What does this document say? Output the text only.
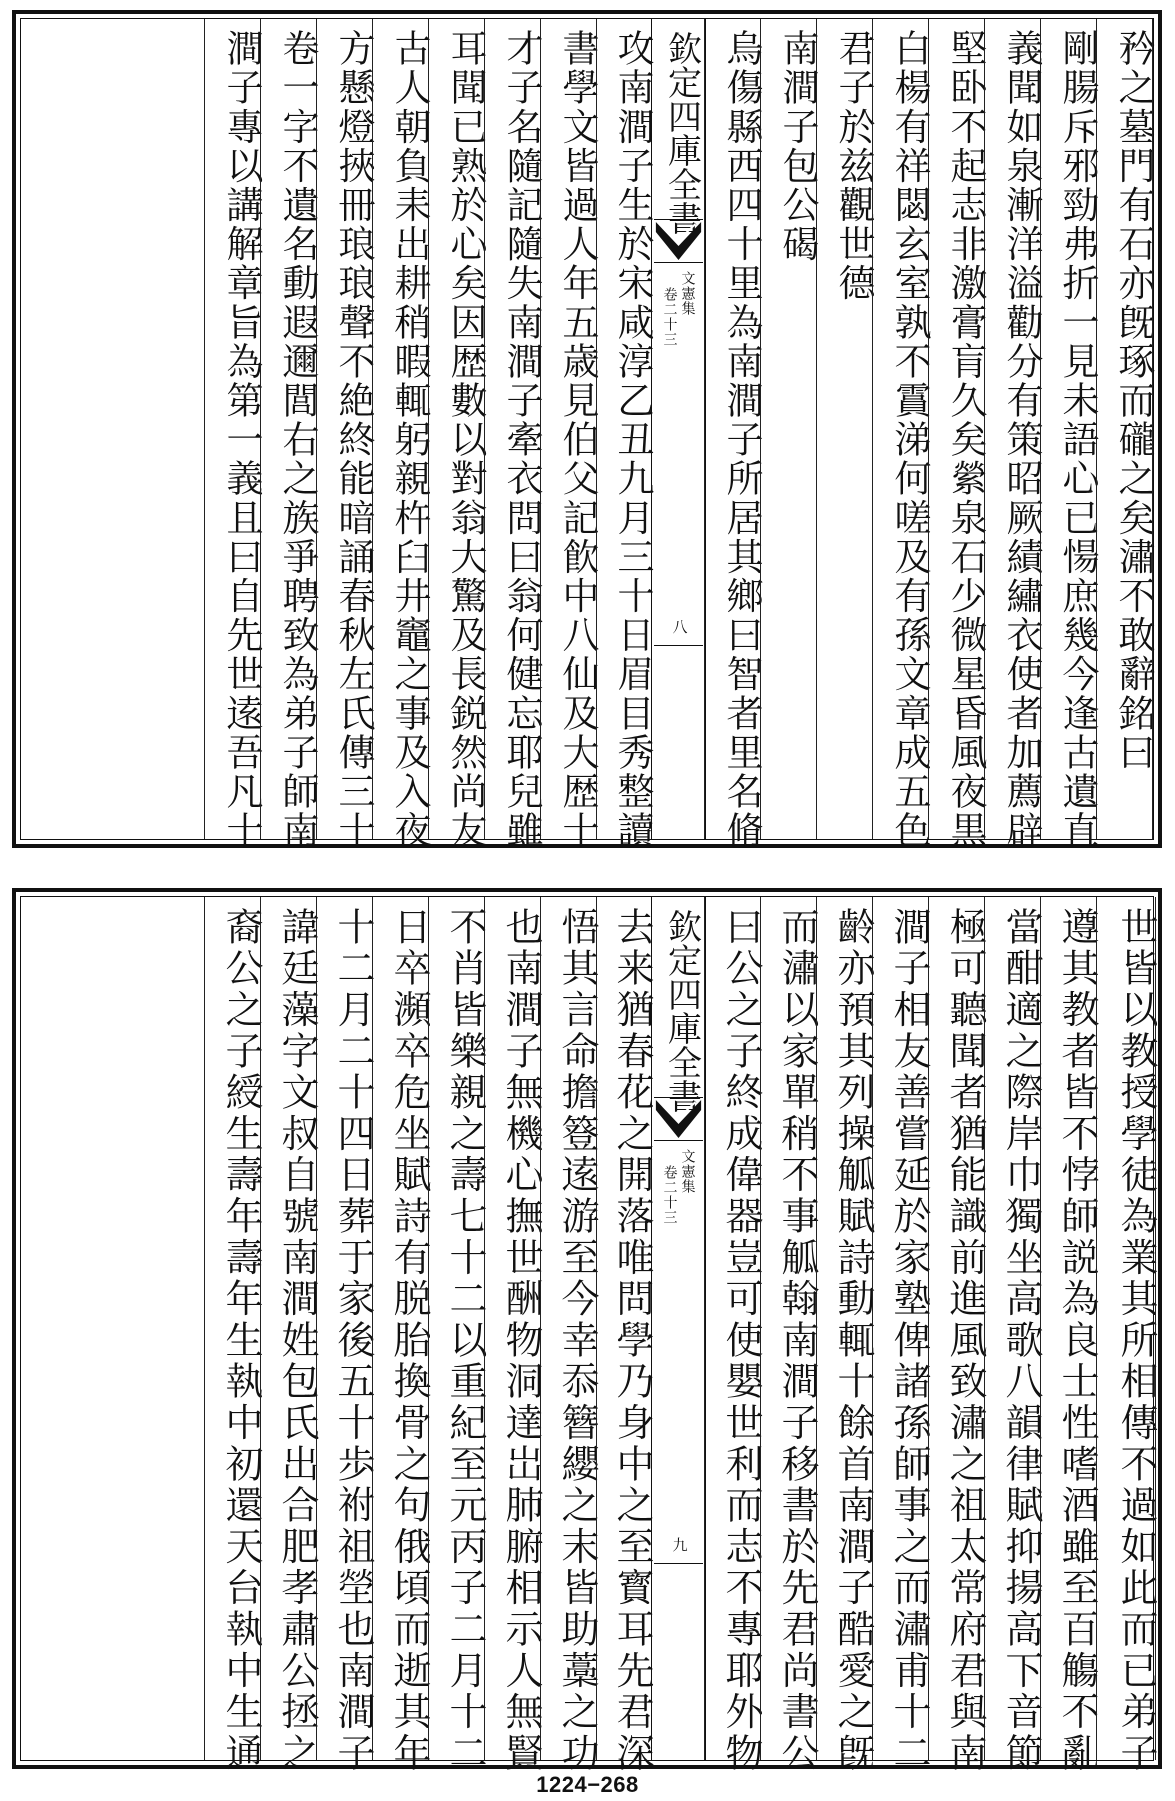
矜之墓門有石亦旣琢而礲之矣潚不敢辭銘曰
剛腸斥邪勁弗折一見未語心已愓庶幾今逢古遺直
義聞如泉漸洋溢勸分有策昭厥績繡衣使者加薦辟
堅卧不起志非激膏肓久矣縈泉石少微星昏風夜黒
白楊有祥閟玄室孰不霣涕何嗟及有孫文章成五色
君子於兹觀世德
南澗子包公碣
烏傷縣西四十里為南澗子所居其鄉曰智者里名脩
攻南澗子生於宋咸淳乙丑九月三十日眉目秀整讀
書學文皆過人年五歳見伯父記飮中八仙及大歴十
才子名隨記隨失南澗子牽衣問曰翁何健忘耶兒雖
耳聞已熟於心矣因歴數以對翁大驚及長鋭然尚友
古人朝負耒出耕稍暇輒躬親杵臼井竈之事及入夜
方懸燈挾冊琅琅聲不絶終能暗誦春秋左氏傳三十
卷一字不遺名動遐邇閭右之族爭聘致為弟子師南
澗子專以講解章旨為第一義且曰自先世逺吾凡十	欽定四庫全書
文憲集
卷二十三
八
世皆以教授學徒為業其所相傳不過如此而已弟子
遵其教者皆不悖師説為良士性嗜酒雖至百觴不亂
當酣適之際岸巾獨坐高歌八韻律賦抑揚高下音節
極可聽聞者猶能識前進風致潚之祖太常府君與南
澗子相友善嘗延於家塾俾諸孫師事之而潚甫十二
齡亦預其列操觚賦詩動輒十餘首南澗子酷愛之旣
而潚以家單稍不事觚翰南澗子移書於先君尚書公
曰公之子終成偉器豈可使嬰世利而志不專耶外物
去来猶春花之開落唯問學乃身中之至寳耳先君深
悟其言命擔簦逺游至今幸忝簪纓之末皆助藁之功
也南澗子無機心撫世酬物洞達岀肺腑相示人無賢
不肖皆樂親之壽七十二以重紀至元丙子二月十二
日卒瀕卒危坐賦詩有脱胎換骨之句俄頃而逝其年
十二月二十四日葬于家後五十歩祔祖塋也南澗子
諱廷藻字文叔自號南澗姓包氏出合肥孝肅公拯之
裔公之子綬生壽年壽年生執中初還天台執中生通	欽定四庫全書
文憲集
卷二十三
九
1224−268
